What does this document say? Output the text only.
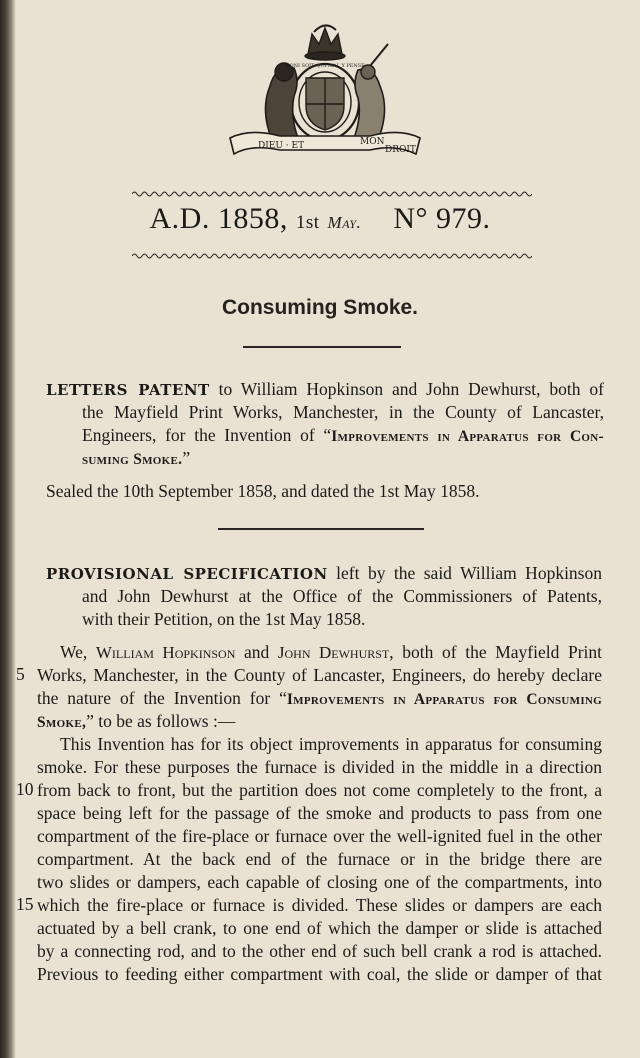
HONI SOIT QUI MAL Y PENSE
DIEU · ET	MON
DROIT
A.D. 1858, 1st May. N° 979.
Consuming Smoke.
LETTERS PATENT to William Hopkinson and John Dewhurst, both of
the Mayfield Print Works, Manchester, in the County of Lancaster,
Engineers, for the Invention of “Improvements in Apparatus for Con-
suming Smoke.”
Sealed the 10th September 1858, and dated the 1st May 1858.
PROVISIONAL SPECIFICATION left by the said William Hopkinson
and John Dewhurst at the Office of the Commissioners of Patents,
with their Petition, on the 1st May 1858.
We, William Hopkinson and John Dewhurst, both of the Mayfield Print
5 Works, Manchester, in the County of Lancaster, Engineers, do hereby declare
the nature of the Invention for “Improvements in Apparatus for Consuming
Smoke,” to be as follows :—
This Invention has for its object improvements in apparatus for consuming
smoke. For these purposes the furnace is divided in the middle in a direction
10 from back to front, but the partition does not come completely to the front, a
space being left for the passage of the smoke and products to pass from one
compartment of the fire-place or furnace over the well-ignited fuel in the other
compartment. At the back end of the furnace or in the bridge there are
two slides or dampers, each capable of closing one of the compartments, into
15 which the fire-place or furnace is divided. These slides or dampers are each
actuated by a bell crank, to one end of which the damper or slide is attached
by a connecting rod, and to the other end of such bell crank a rod is attached.
Previous to feeding either compartment with coal, the slide or damper of that
